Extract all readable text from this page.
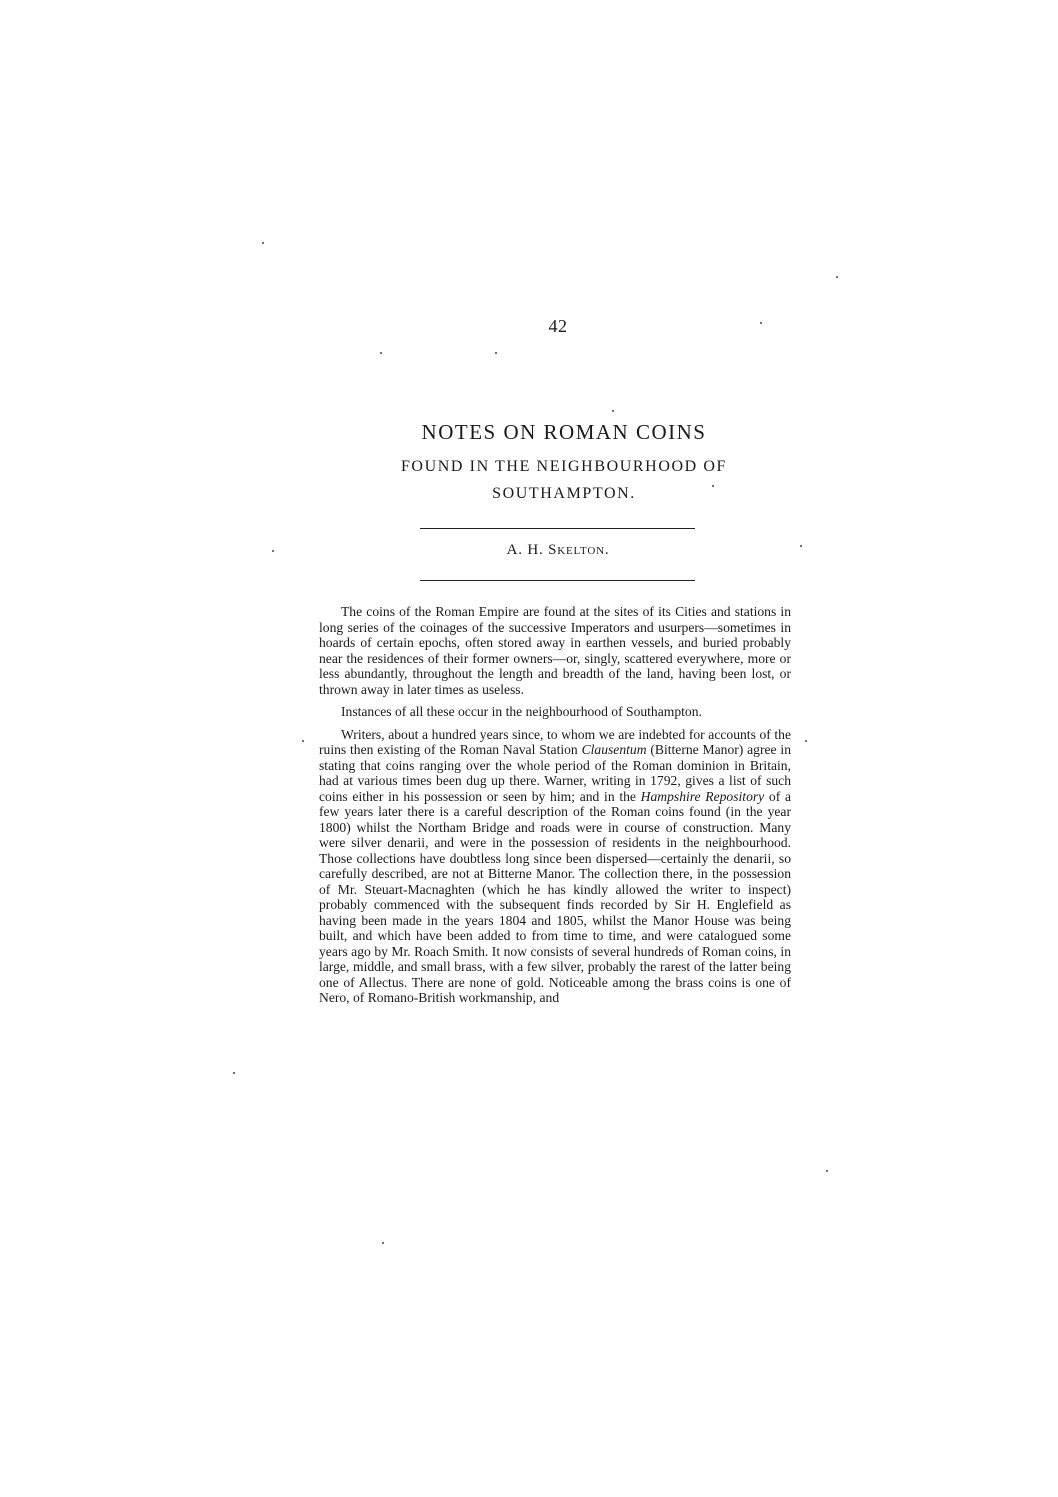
42
NOTES ON ROMAN COINS
FOUND IN THE NEIGHBOURHOOD OF
SOUTHAMPTON.
A. H. Skelton.

The coins of the Roman Empire are found at the sites of its Cities and stations in long series of the coinages of the successive Imperators and usurpers—sometimes in hoards of certain epochs, often stored away in earthen vessels, and buried probably near the residences of their former owners—or, singly, scattered everywhere, more or less abundantly, throughout the length and breadth of the land, having been lost, or thrown away in later times as useless.

Instances of all these occur in the neighbourhood of Southampton.

Writers, about a hundred years since, to whom we are indebted for accounts of the ruins then existing of the Roman Naval Station Clausentum (Bitterne Manor) agree in stating that coins ranging over the whole period of the Roman dominion in Britain, had at various times been dug up there. Warner, writing in 1792, gives a list of such coins either in his possession or seen by him; and in the Hampshire Repository of a few years later there is a careful description of the Roman coins found (in the year 1800) whilst the Northam Bridge and roads were in course of construction. Many were silver denarii, and were in the possession of residents in the neighbourhood. Those collections have doubtless long since been dispersed—certainly the denarii, so carefully described, are not at Bitterne Manor. The collection there, in the possession of Mr. Steuart-Macnaghten (which he has kindly allowed the writer to inspect) probably commenced with the subsequent finds recorded by Sir H. Englefield as having been made in the years 1804 and 1805, whilst the Manor House was being built, and which have been added to from time to time, and were catalogued some years ago by Mr. Roach Smith. It now consists of several hundreds of Roman coins, in large, middle, and small brass, with a few silver, probably the rarest of the latter being one of Allectus. There are none of gold. Noticeable among the brass coins is one of Nero, of Romano-British workmanship, and
